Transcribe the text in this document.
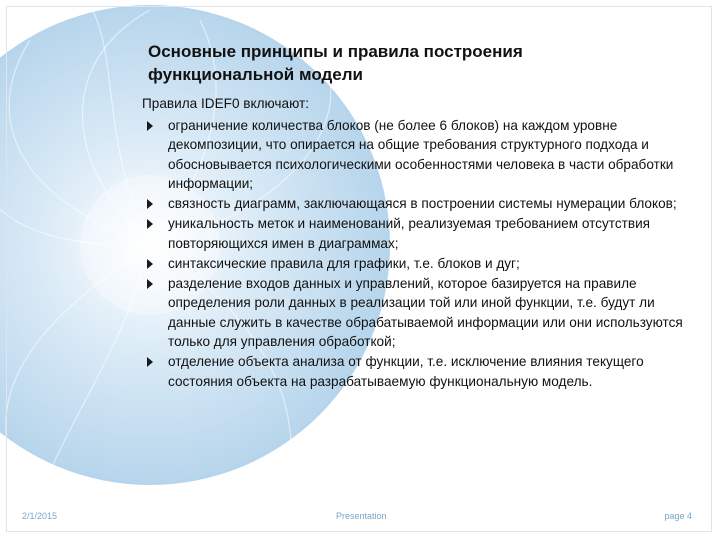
Основные принципы и правила построения
функциональной модели
Правила IDEF0 включают:
ограничение количества блоков (не более 6 блоков) на каждом уровне декомпозиции, что опирается на общие требования структурного подхода и обосновывается психологическими особенностями человека в части обработки информации;
связность диаграмм, заключающаяся в построении системы нумерации блоков;
уникальность меток и наименований, реализуемая требованием отсутствия повторяющихся имен в диаграммах;
синтаксические правила для графики, т.е. блоков и дуг;
разделение входов данных и управлений, которое базируется на правиле определения роли данных в реализации той или иной функции, т.е. будут ли данные служить в качестве обрабатываемой информации или они используются только для управления обработкой;
отделение объекта анализа от функции, т.е. исключение влияния текущего состояния объекта на разрабатываемую функциональную модель.
2/1/2015	Presentation	page 4
